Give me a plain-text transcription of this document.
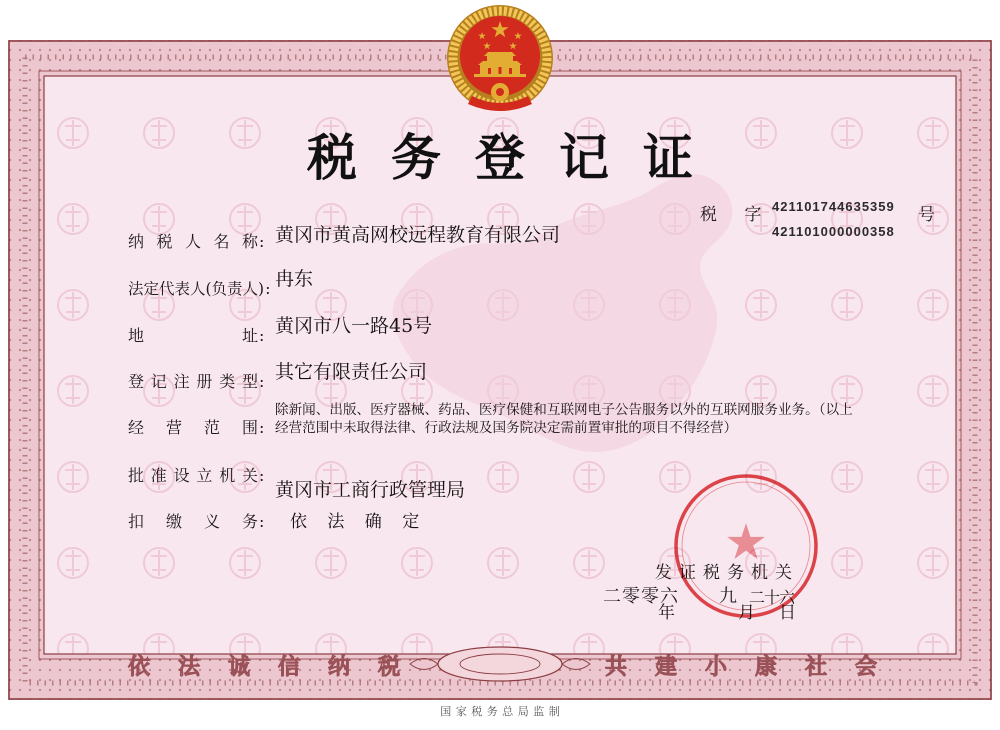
税务登记证
税 字 421101744635359
421101000000358
号
纳 税 人 名 称 :
法定代表人(负责人) :
地 址 :
登 记 注 册 类 型 :
经 营 范 围 :
批 准 设 立 机 关 :
扣 缴 义 务 :
黄冈市黄高网校远程教育有限公司
冉东
黄冈市八一路45号
其它有限责任公司
除新闻、出版、医疗器械、药品、医疗保健和互联网电子公告服务以外的互联网服务业务。（以上经营范围中未取得法律、行政法规及国务院决定需前置审批的项目不得经营）
黄冈市工商行政管理局
依 法 确 定
发证税务机关
二零零六 九 二十六
年	月 日
依法诚信纳税	共建小康社会
国家税务总局监制
